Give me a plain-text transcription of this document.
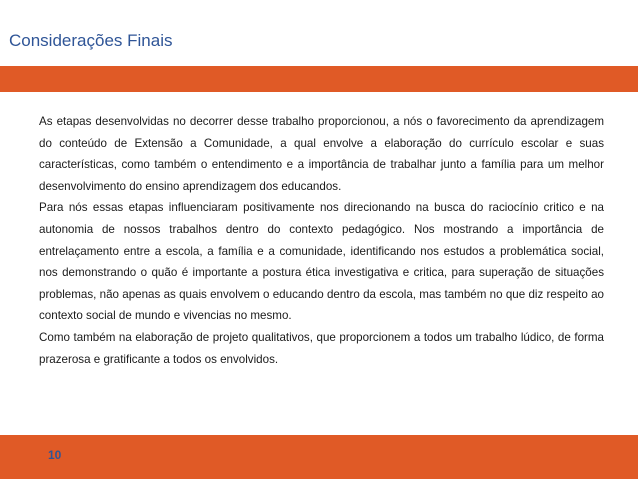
Considerações Finais

As etapas desenvolvidas no decorrer desse trabalho proporcionou, a nós o favorecimento da aprendizagem do conteúdo de Extensão a Comunidade, a qual envolve a elaboração do currículo escolar e suas características, como também o entendimento e a importância de trabalhar junto a família para um melhor desenvolvimento do ensino aprendizagem dos educandos.

Para nós essas etapas influenciaram positivamente nos direcionando na busca do raciocínio critico e na autonomia de nossos trabalhos dentro do contexto pedagógico. Nos mostrando a importância de entrelaçamento entre a escola, a família e a comunidade, identificando nos estudos a problemática social, nos demonstrando o quão é importante a postura ética investigativa e critica, para superação de situações problemas, não apenas as quais envolvem o educando dentro da escola, mas também no que diz respeito ao contexto social de mundo e vivencias no mesmo.

Como também na elaboração de projeto qualitativos, que proporcionem a todos um trabalho lúdico, de forma prazerosa e gratificante a todos os envolvidos.

10
